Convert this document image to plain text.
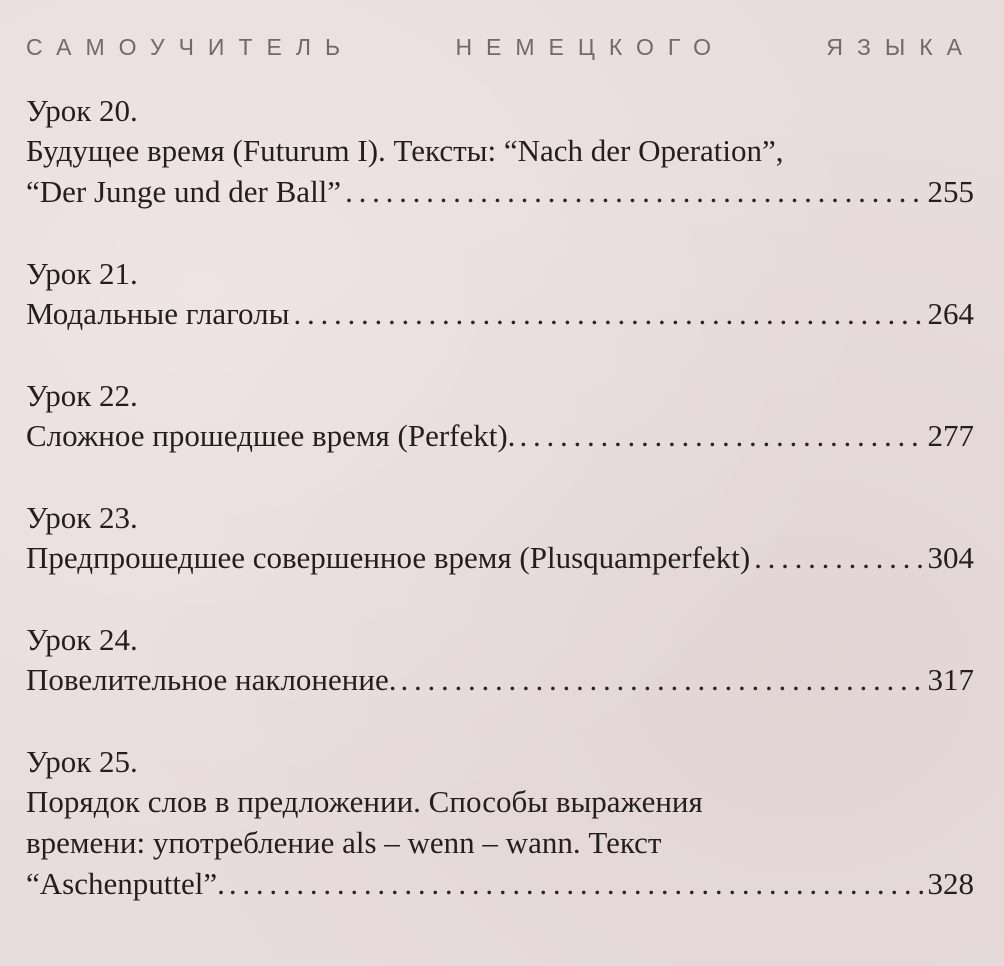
САМОУЧИТЕЛЬ	НЕМЕЦКОГО	ЯЗЫКА
Урок 20.
Будущее время (Futurum I). Тексты: “Nach der Operation”,
“Der Junge und der Ball” . . .	255
Урок 21.
Модальные глаголы . . .	264
Урок 22.
Сложное прошедшее время (Perfekt). . . .	277
Урок 23.
Предпрошедшее совершенное время (Plusquamperfekt) . . .	304
Урок 24.
Повелительное наклонение. . . .	317
Урок 25.
Порядок слов в предложении. Способы выражения
времени: употребление als – wenn – wann. Текст
“Aschenputtel”. . . .	328
